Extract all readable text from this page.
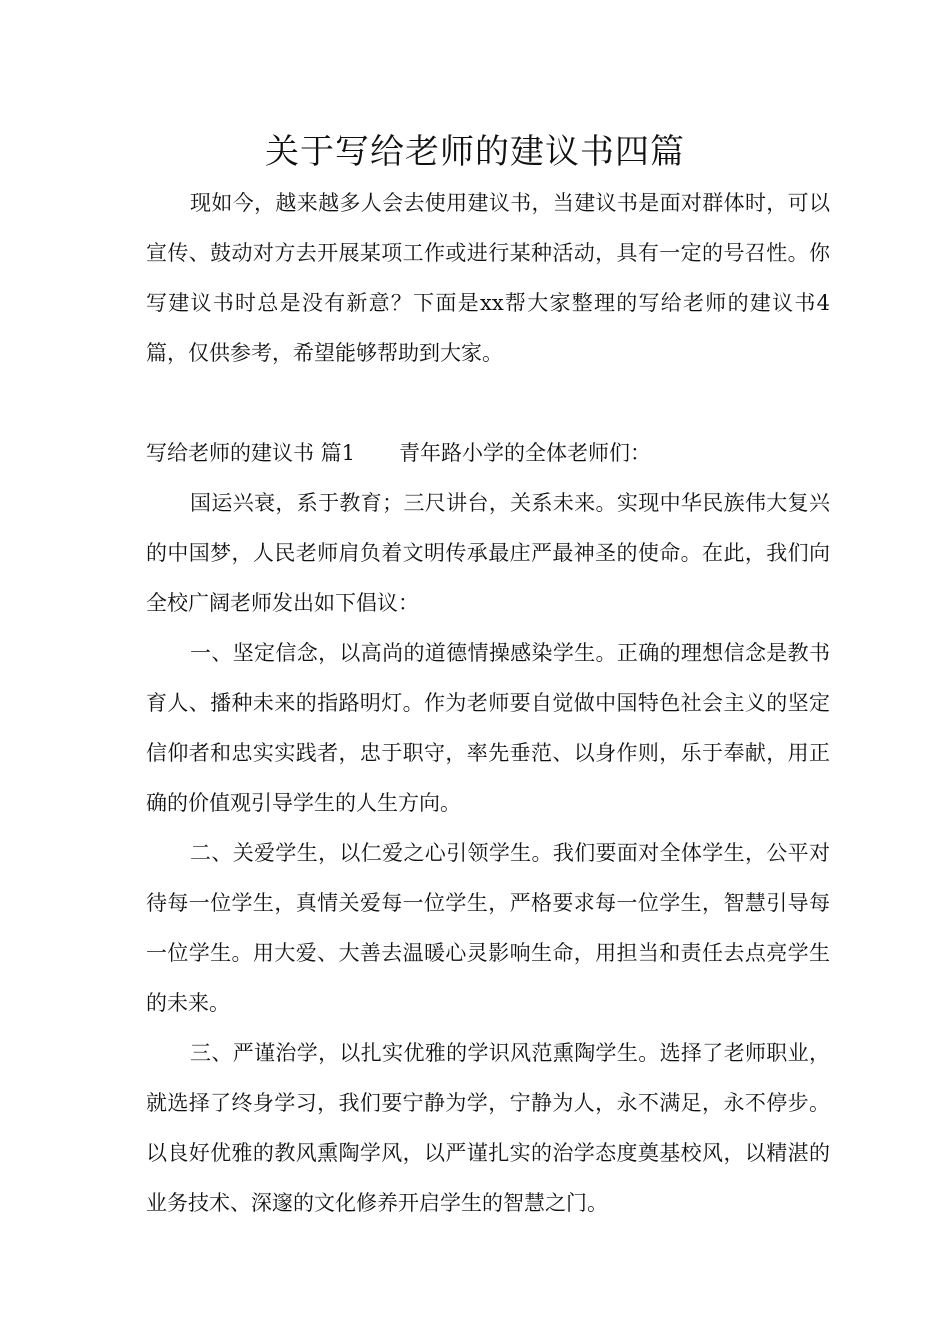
关于写给老师的建议书四篇

现如今，越来越多人会去使用建议书，当建议书是面对群体时，可以宣传、鼓动对方去开展某项工作或进行某种活动，具有一定的号召性。你写建议书时总是没有新意？下面是xx帮大家整理的写给老师的建议书4篇，仅供参考，希望能够帮助到大家。

写给老师的建议书 篇1 青年路小学的全体老师们：

国运兴衰，系于教育；三尺讲台，关系未来。实现中华民族伟大复兴的中国梦，人民老师肩负着文明传承最庄严最神圣的使命。在此，我们向全校广阔老师发出如下倡议：

一、坚定信念，以高尚的道德情操感染学生。正确的理想信念是教书育人、播种未来的指路明灯。作为老师要自觉做中国特色社会主义的坚定信仰者和忠实实践者，忠于职守，率先垂范、以身作则，乐于奉献，用正确的价值观引导学生的人生方向。

二、关爱学生，以仁爱之心引领学生。我们要面对全体学生，公平对待每一位学生，真情关爱每一位学生，严格要求每一位学生，智慧引导每一位学生。用大爱、大善去温暖心灵影响生命，用担当和责任去点亮学生的未来。

三、严谨治学，以扎实优雅的学识风范熏陶学生。选择了老师职业，就选择了终身学习，我们要宁静为学，宁静为人，永不满足，永不停步。以良好优雅的教风熏陶学风，以严谨扎实的治学态度奠基校风，以精湛的业务技术、深邃的文化修养开启学生的智慧之门。
